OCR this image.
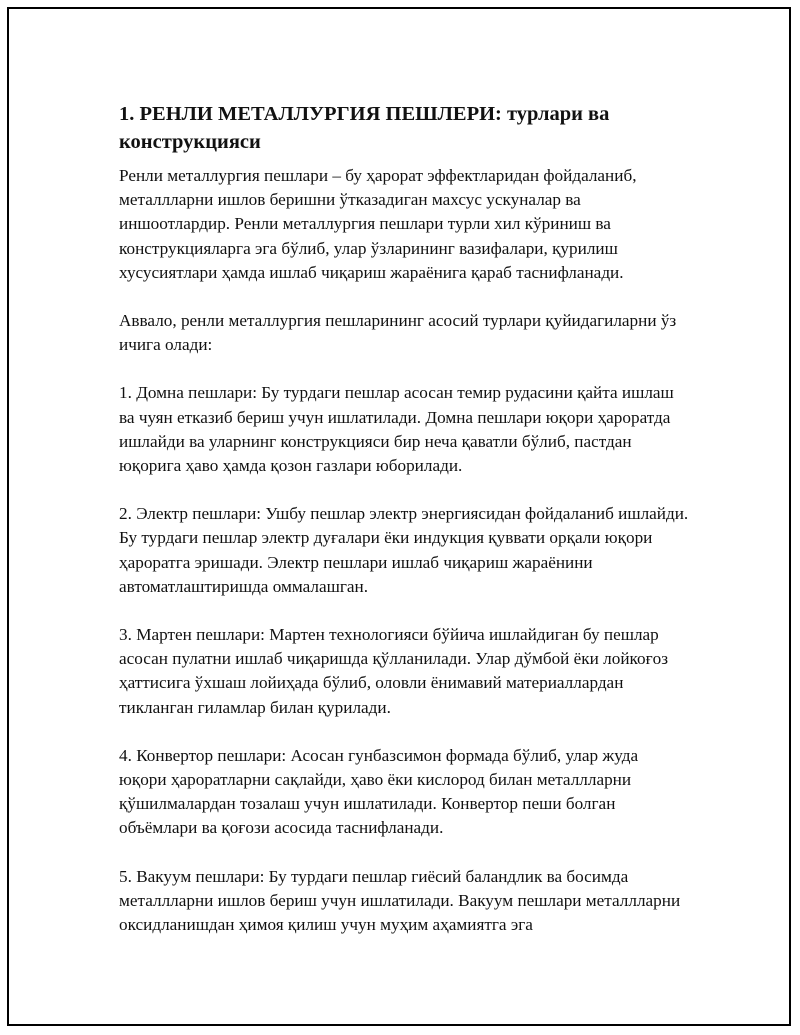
1. РЕНЛИ МЕТАЛЛУРГИЯ ПЕШЛЕРИ: турлари ва конструкцияси

Ренли металлургия пешлари – бу ҳарорат эффектларидан фойдаланиб, металлларни ишлов беришни ўтказадиган махсус ускуналар ва иншоотлардир. Ренли металлургия пешлари турли хил кўриниш ва конструкцияларга эга бўлиб, улар ўзларининг вазифалари, қурилиш хусусиятлари ҳамда ишлаб чиқариш жараёнига қараб таснифланади.

Аввало, ренли металлургия пешларининг асосий турлари қуйидагиларни ўз ичига олади:

1. Домна пешлари: Бу турдаги пешлар асосан темир рудасини қайта ишлаш ва чуян етказиб бериш учун ишлатилади. Домна пешлари юқори ҳароратда ишлайди ва уларнинг конструкцияси бир неча қаватли бўлиб, пастдан юқорига ҳаво ҳамда қозон газлари юборилади.

2. Электр пешлари: Ушбу пешлар электр энергиясидан фойдаланиб ишлайди. Бу турдаги пешлар электр дуғалари ёки индукция қуввати орқали юқори ҳароратга эришади. Электр пешлари ишлаб чиқариш жараёнини автоматлаштиришда оммалашган.

3. Мартен пешлари: Мартен технологияси бўйича ишлайдиган бу пешлар асосан пулатни ишлаб чиқаришда қўлланилади. Улар дўмбой ёки лойкоғоз ҳаттисига ўхшаш лойиҳада бўлиб, оловли ёнимавий материаллардан тикланган гиламлар билан қурилади.

4. Конвертор пешлари: Асосан гунбазсимон формада бўлиб, улар жуда юқори ҳароратларни сақлайди, ҳаво ёки кислород билан металлларни қўшилмалардан тозалаш учун ишлатилади. Конвертор пеши болган объёмлари ва қоғози асосида таснифланади.

5. Вакуум пешлари: Бу турдаги пешлар гиёсий баландлик ва босимда металлларни ишлов бериш учун ишлатилади. Вакуум пешлари металлларни оксидланишдан ҳимоя қилиш учун муҳим аҳамиятга эга
